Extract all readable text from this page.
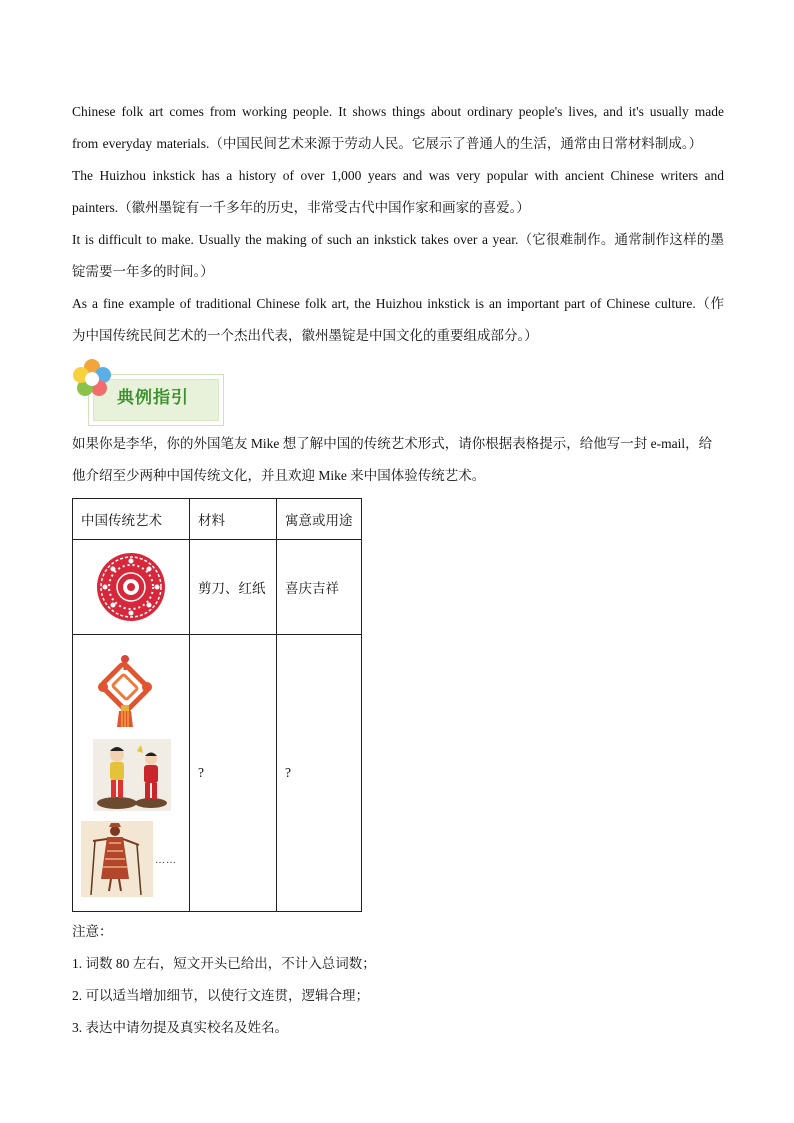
Chinese folk art comes from working people. It shows things about ordinary people's lives, and it's usually made from everyday materials.（中国民间艺术来源于劳动人民。它展示了普通人的生活，通常由日常材料制成。）

The Huizhou inkstick has a history of over 1,000 years and was very popular with ancient Chinese writers and painters.（徽州墨锭有一千多年的历史，非常受古代中国作家和画家的喜爱。）

It is difficult to make. Usually the making of such an inkstick takes over a year.（它很难制作。通常制作这样的墨锭需要一年多的时间。）

As a fine example of traditional Chinese folk art, the Huizhou inkstick is an important part of Chinese culture.（作为中国传统民间艺术的一个杰出代表，徽州墨锭是中国文化的重要组成部分。）

典例指引

如果你是李华，你的外国笔友 Mike 想了解中国的传统艺术形式，请你根据表格提示，给他写一封 e-mail，给他介绍至少两种中国传统文化，并且欢迎 Mike 来中国体验传统艺术。

中国传统艺术	材料	寓意或用途

	剪刀、红纸	喜庆吉祥

……	?	?

注意：

1. 词数 80 左右，短文开头已给出，不计入总词数；

2. 可以适当增加细节，以使行文连贯，逻辑合理；

3. 表达中请勿提及真实校名及姓名。
